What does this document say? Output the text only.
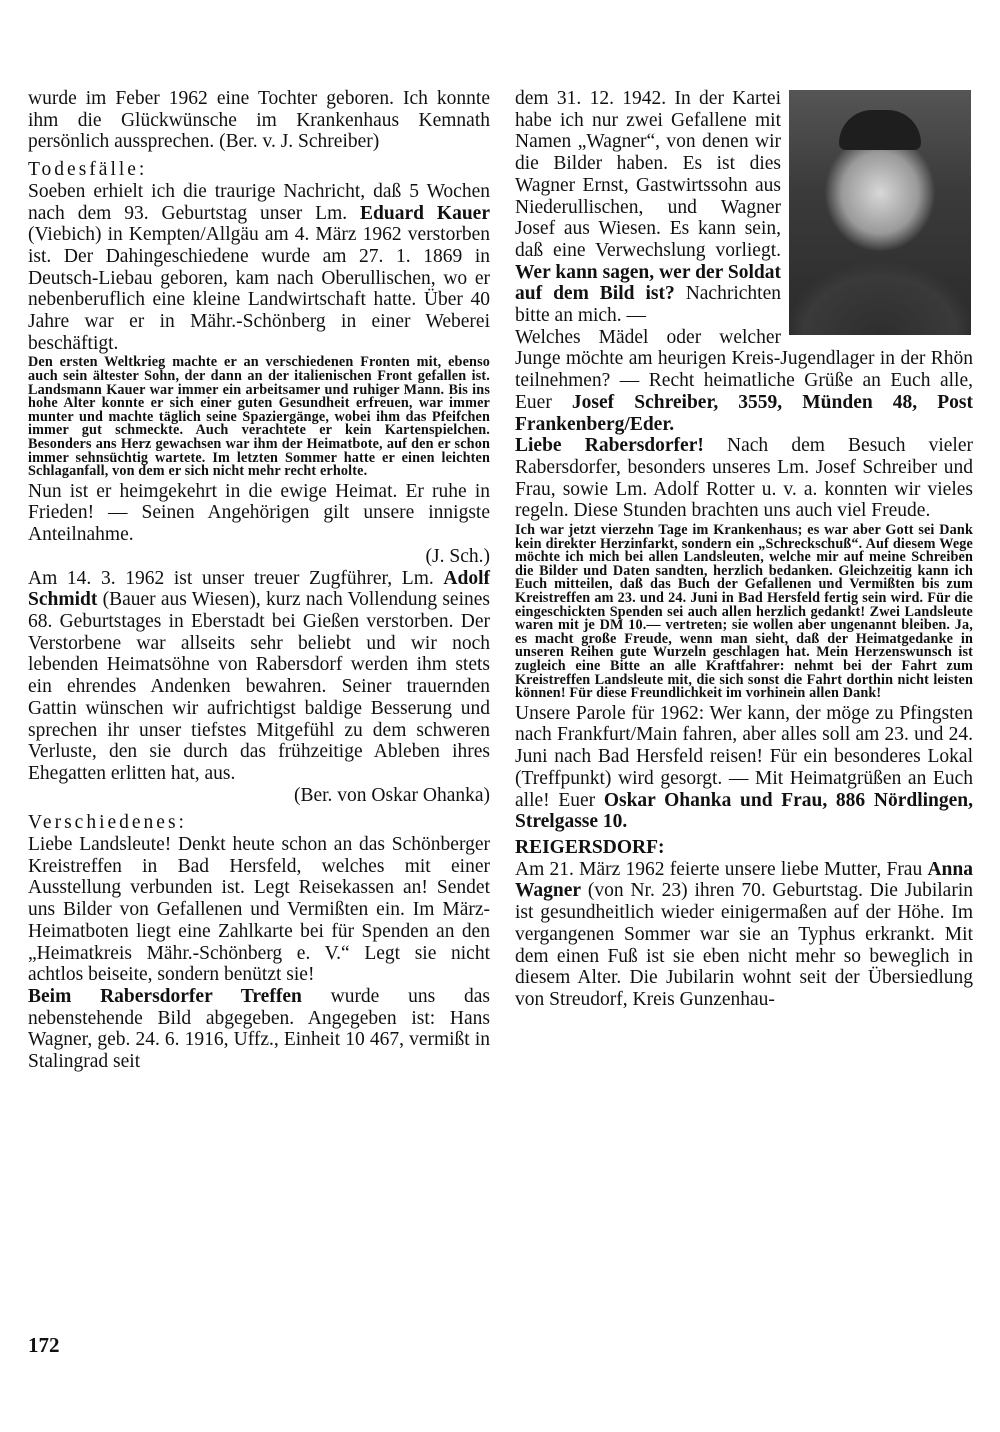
wurde im Feber 1962 eine Tochter geboren. Ich konnte ihm die Glückwünsche im Krankenhaus Kemnath persönlich aussprechen. (Ber. v. J. Schreiber)

Todesfälle:

Soeben erhielt ich die traurige Nachricht, daß 5 Wochen nach dem 93. Geburtstag unser Lm. Eduard Kauer (Viebich) in Kempten/Allgäu am 4. März 1962 verstorben ist. Der Dahingeschiedene wurde am 27. 1. 1869 in Deutsch-Liebau geboren, kam nach Oberullischen, wo er nebenberuflich eine kleine Landwirtschaft hatte. Über 40 Jahre war er in Mähr.-Schönberg in einer Weberei beschäftigt.

Den ersten Weltkrieg machte er an verschiedenen Fronten mit, ebenso auch sein ältester Sohn, der dann an der italienischen Front gefallen ist. Landsmann Kauer war immer ein arbeitsamer und ruhiger Mann. Bis ins hohe Alter konnte er sich einer guten Gesundheit erfreuen, war immer munter und machte täglich seine Spaziergänge, wobei ihm das Pfeifchen immer gut schmeckte. Auch verachtete er kein Kartenspielchen. Besonders ans Herz gewachsen war ihm der Heimatbote, auf den er schon immer sehnsüchtig wartete. Im letzten Sommer hatte er einen leichten Schlaganfall, von dem er sich nicht mehr recht erholte.

Nun ist er heimgekehrt in die ewige Heimat. Er ruhe in Frieden! — Seinen Angehörigen gilt unsere innigste Anteilnahme.

(J. Sch.)

Am 14. 3. 1962 ist unser treuer Zugführer, Lm. Adolf Schmidt (Bauer aus Wiesen), kurz nach Vollendung seines 68. Geburtstages in Eberstadt bei Gießen verstorben. Der Verstorbene war allseits sehr beliebt und wir noch lebenden Heimatsöhne von Rabersdorf werden ihm stets ein ehrendes Andenken bewahren. Seiner trauernden Gattin wünschen wir aufrichtigst baldige Besserung und sprechen ihr unser tiefstes Mitgefühl zu dem schweren Verluste, den sie durch das frühzeitige Ableben ihres Ehegatten erlitten hat, aus.

(Ber. von Oskar Ohanka)

Verschiedenes:

Liebe Landsleute! Denkt heute schon an das Schönberger Kreistreffen in Bad Hersfeld, welches mit einer Ausstellung verbunden ist. Legt Reisekassen an! Sendet uns Bilder von Gefallenen und Vermißten ein. Im März-Heimatboten liegt eine Zahlkarte bei für Spenden an den „Heimatkreis Mähr.-Schönberg e. V.“ Legt sie nicht achtlos beiseite, sondern benützt sie!

Beim Rabersdorfer Treffen wurde uns das nebenstehende Bild abgegeben. Angegeben ist: Hans Wagner, geb. 24. 6. 1916, Uffz., Einheit 10 467, vermißt in Stalingrad seit

dem 31. 12. 1942. In der Kartei habe ich nur zwei Gefallene mit Namen „Wagner“, von denen wir die Bilder haben. Es ist dies Wagner Ernst, Gastwirtssohn aus Niederullischen, und Wagner Josef aus Wiesen. Es kann sein, daß eine Verwechslung vorliegt. Wer kann sagen, wer der Soldat auf dem Bild ist? Nachrichten bitte an mich. —

Welches Mädel oder welcher Junge möchte am heurigen Kreis-Jugendlager in der Rhön teilnehmen? — Recht heimatliche Grüße an Euch alle, Euer Josef Schreiber, 3559, Münden 48, Post Frankenberg/Eder.

Liebe Rabersdorfer! Nach dem Besuch vieler Rabersdorfer, besonders unseres Lm. Josef Schreiber und Frau, sowie Lm. Adolf Rotter u. v. a. konnten wir vieles regeln. Diese Stunden brachten uns auch viel Freude.

Ich war jetzt vierzehn Tage im Krankenhaus; es war aber Gott sei Dank kein direkter Herzinfarkt, sondern ein „Schreckschuß“. Auf diesem Wege möchte ich mich bei allen Landsleuten, welche mir auf meine Schreiben die Bilder und Daten sandten, herzlich bedanken. Gleichzeitig kann ich Euch mitteilen, daß das Buch der Gefallenen und Vermißten bis zum Kreistreffen am 23. und 24. Juni in Bad Hersfeld fertig sein wird. Für die eingeschickten Spenden sei auch allen herzlich gedankt! Zwei Landsleute waren mit je DM 10.— vertreten; sie wollen aber ungenannt bleiben. Ja, es macht große Freude, wenn man sieht, daß der Heimatgedanke in unseren Reihen gute Wurzeln geschlagen hat. Mein Herzenswunsch ist zugleich eine Bitte an alle Kraftfahrer: nehmt bei der Fahrt zum Kreistreffen Landsleute mit, die sich sonst die Fahrt dorthin nicht leisten können! Für diese Freundlichkeit im vorhinein allen Dank!

Unsere Parole für 1962: Wer kann, der möge zu Pfingsten nach Frankfurt/Main fahren, aber alles soll am 23. und 24. Juni nach Bad Hersfeld reisen! Für ein besonderes Lokal (Treffpunkt) wird gesorgt. — Mit Heimatgrüßen an Euch alle! Euer Oskar Ohanka und Frau, 886 Nördlingen, Strelgasse 10.

REIGERSDORF:

Am 21. März 1962 feierte unsere liebe Mutter, Frau Anna Wagner (von Nr. 23) ihren 70. Geburtstag. Die Jubilarin ist gesundheitlich wieder einigermaßen auf der Höhe. Im vergangenen Sommer war sie an Typhus erkrankt. Mit dem einen Fuß ist sie eben nicht mehr so beweglich in diesem Alter. Die Jubilarin wohnt seit der Übersiedlung von Streudorf, Kreis Gunzenhau-

172
